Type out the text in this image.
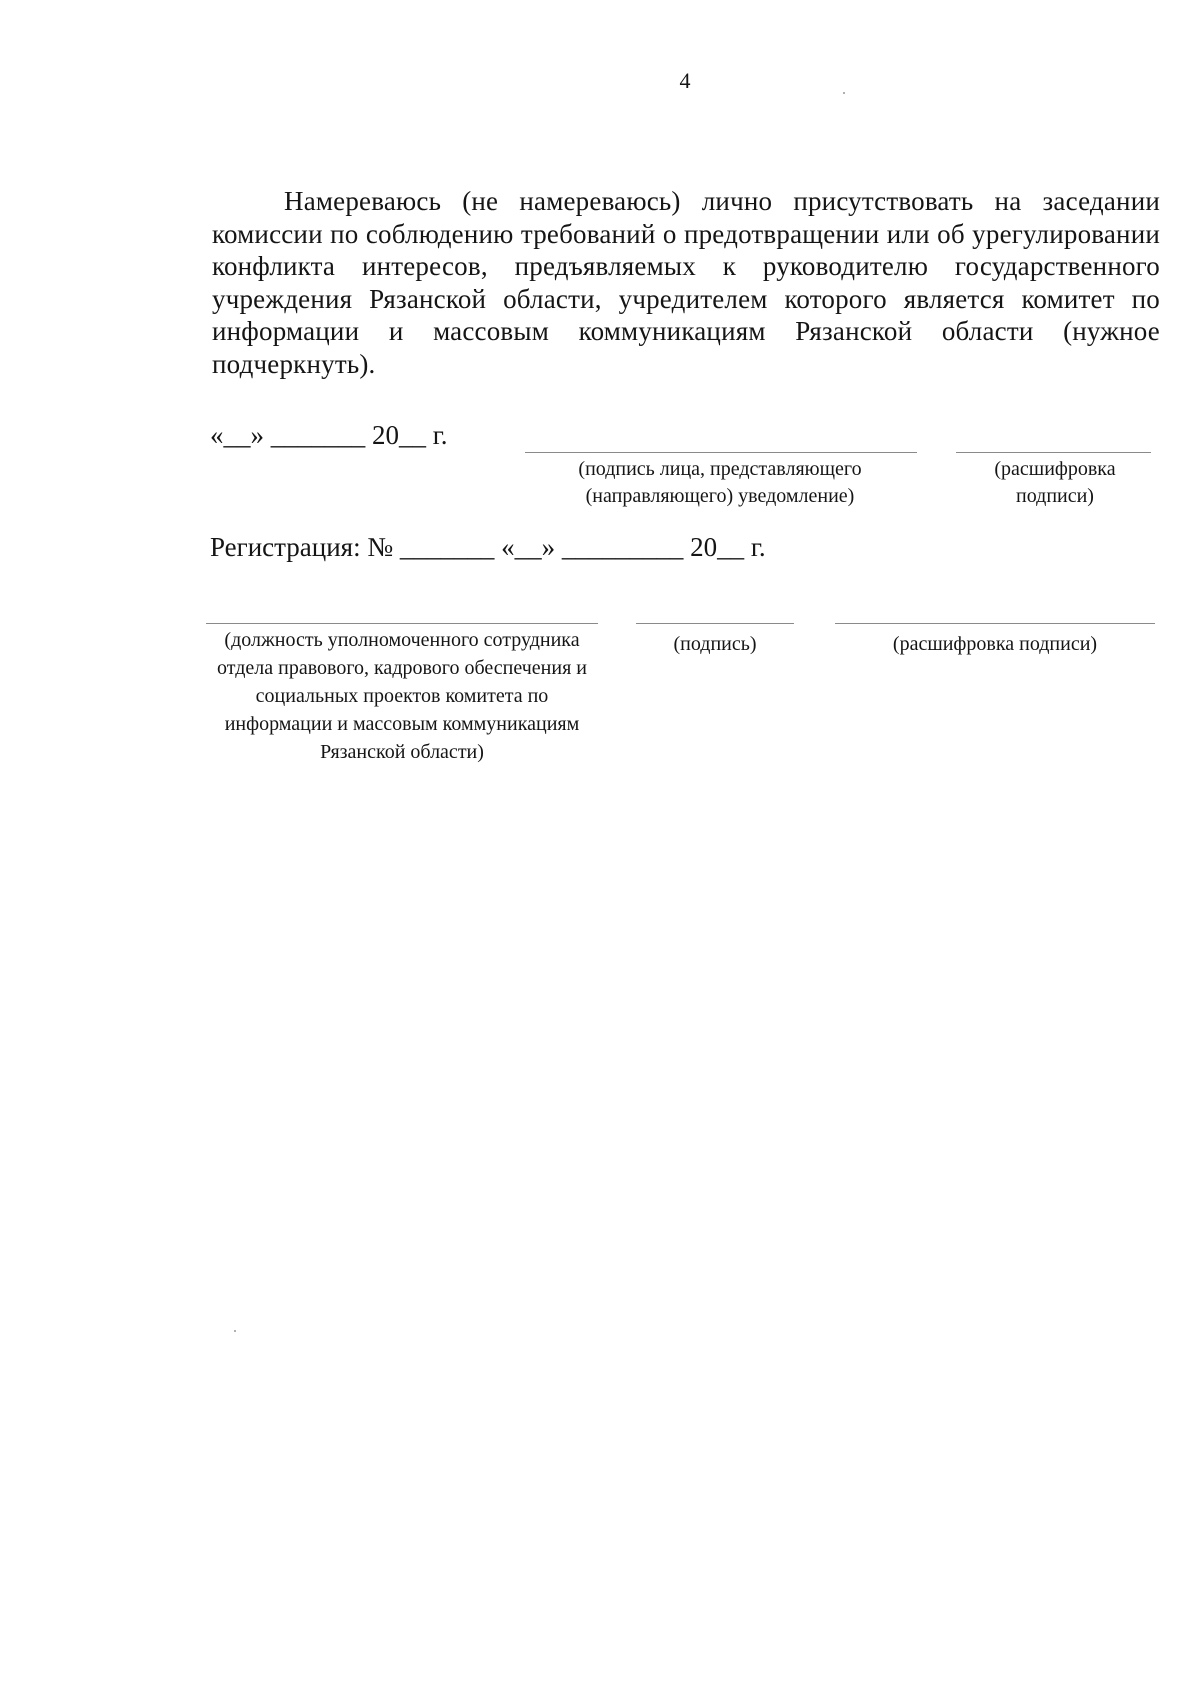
4

Намереваюсь (не намереваюсь) лично присутствовать на заседании комиссии по соблюдению требований о предотвращении или об урегулировании конфликта интересов, предъявляемых к руководителю государственного учреждения Рязанской области, учредителем которого является комитет по информации и массовым коммуникациям Рязанской области (нужное подчеркнуть).

«__» _______ 20__ г.
(подпись лица, представляющего (направляющего) уведомление)
(расшифровка подписи)
Регистрация: № _______ «__» _________ 20__ г.
(должность уполномоченного сотрудника отдела правового, кадрового обеспечения и социальных проектов комитета по информации и массовым коммуникациям Рязанской области)
(подпись)	(расшифровка подписи)
